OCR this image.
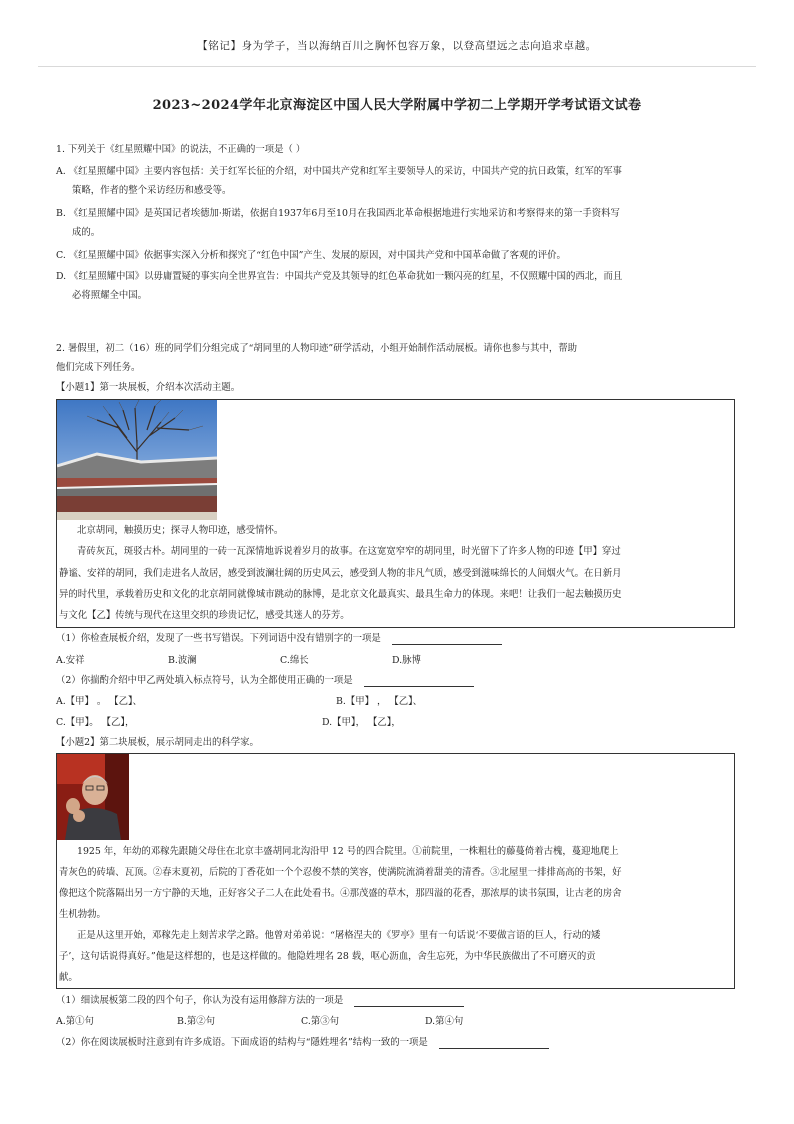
【铭记】身为学子，当以海纳百川之胸怀包容万象，以登高望远之志向追求卓越。
2023~2024学年北京海淀区中国人民大学附属中学初二上学期开学考试语文试卷
1. 下列关于《红星照耀中国》的说法，不正确的一项是（ ）
A. 《红星照耀中国》主要内容包括：关于红军长征的介绍，对中国共产党和红军主要领导人的采访，中国共产党的抗日政策，红军的军事
策略，作者的整个采访经历和感受等。
B. 《红星照耀中国》是英国记者埃德加·斯诺，依据自1937年6月至10月在我国西北革命根据地进行实地采访和考察得来的第一手资料写
成的。
C. 《红星照耀中国》依据事实深入分析和探究了“红色中国”产生、发展的原因，对中国共产党和中国革命做了客观的评价。
D. 《红星照耀中国》以毋庸置疑的事实向全世界宣告：中国共产党及其领导的红色革命犹如一颗闪亮的红星，不仅照耀中国的西北，而且
必将照耀全中国。
2. 暑假里，初二（16）班的同学们分组完成了“胡同里的人物印迹”研学活动，小组开始制作活动展板。请你也参与其中，帮助
他们完成下列任务。
【小题1】第一块展板，介绍本次活动主题。
北京胡同，触摸历史；探寻人物印迹，感受情怀。
青砖灰瓦，斑驳古朴。胡同里的一砖一瓦深情地诉说着岁月的故事。在这宽宽窄窄的胡同里，时光留下了许多人物的印迹【甲】穿过
静谧、安祥的胡同，我们走进名人故居，感受到波澜壮阔的历史风云，感受到人物的非凡气质，感受到滋味绵长的人间烟火气。在日新月
异的时代里，承载着历史和文化的北京胡同就像城市跳动的脉博，是北京文化最真实、最具生命力的体现。来吧！让我们一起去触摸历史
与文化【乙】传统与现代在这里交织的珍贵记忆，感受其迷人的芬芳。
（1）你检查展板介绍，发现了一些书写错误。下列词语中没有错别字的一项是
A.安祥	B.波澜	C.绵长	D.脉博
（2）你揣酌介绍中甲乙两处填入标点符号，认为全都使用正确的一项是
A.【甲】 。 【乙】、	B.【甲】 ， 【乙】、
C.【甲】。 【乙】，	D.【甲】， 【乙】，
【小题2】第二块展板，展示胡同走出的科学家。
1925 年，年幼的邓稼先跟随父母住在北京丰盛胡同北沟沿甲 12 号的四合院里。①前院里，一株粗壮的藤蔓倚着古槐，蔓迎地爬上
青灰色的砖墙、瓦顶。②春末夏初，后院的丁香花如一个个忍俊不禁的笑容，使满院流淌着甜美的清香。③北屋里一排排高高的书架，好
像把这个院落隔出另一方宁静的天地，正好容父子二人在此处看书。④那茂盛的草木，那四溢的花香，那浓厚的读书氛围，让古老的房舍
生机勃勃。
正是从这里开始，邓稼先走上刻苦求学之路。他曾对弟弟说：“屠格涅夫的《罗亭》里有一句话说‘不要做言语的巨人，行动的矮
子’，这句话说得真好。”他是这样想的，也是这样做的。他隐姓埋名 28 载，呕心沥血，舍生忘死，为中华民族做出了不可磨灭的贡
献。
（1）细读展板第二段的四个句子，你认为没有运用修辞方法的一项是
A.第①句	B.第②句	C.第③句	D.第④句
（2）你在阅读展板时注意到有许多成语。下面成语的结构与“隱姓埋名”结构一致的一项是
